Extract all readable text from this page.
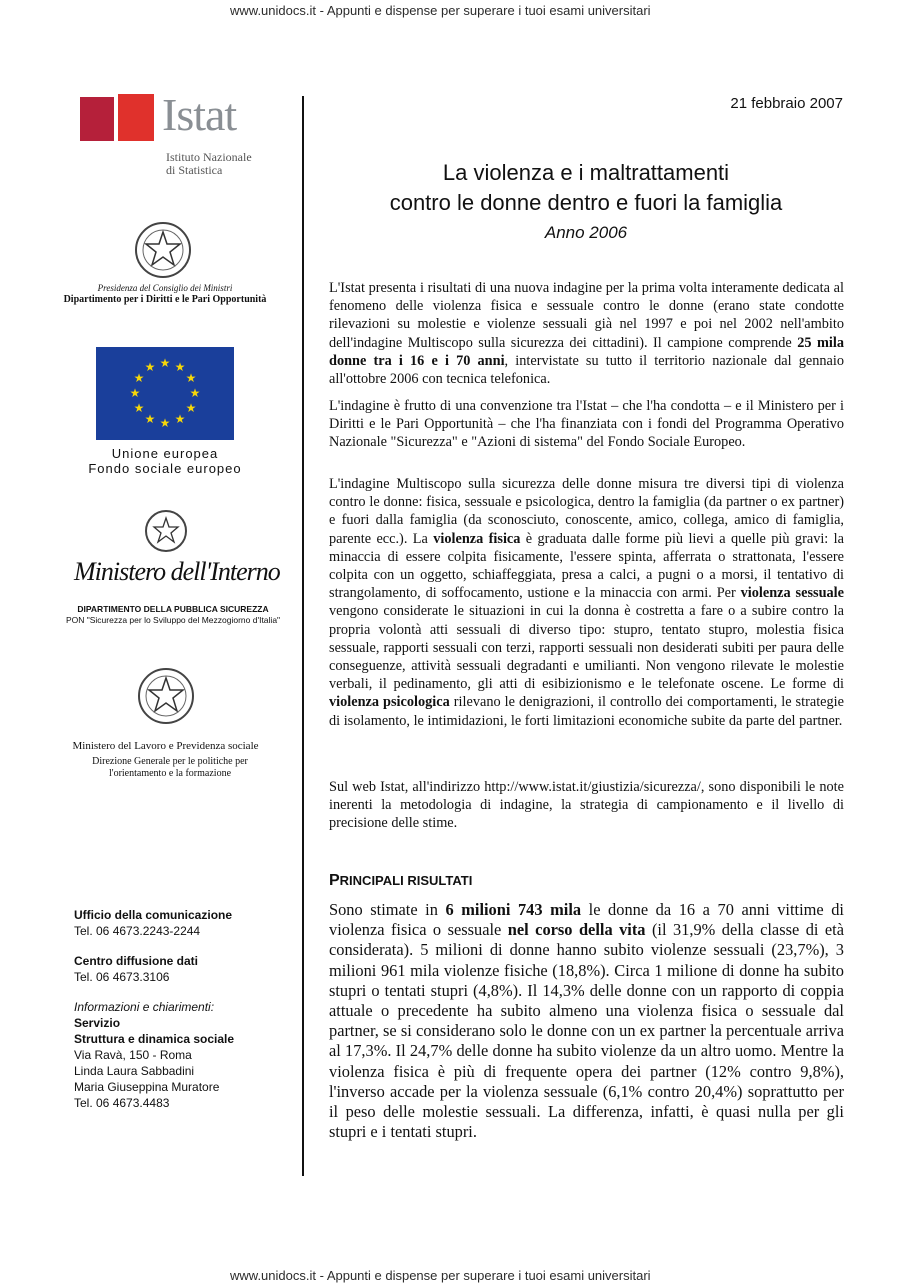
www.unidocs.it - Appunti e dispense per superare i tuoi esami universitari
www.unidocs.it - Appunti e dispense per superare i tuoi esami universitari
Istat
Istituto Nazionale
di Statistica
Presidenza del Consiglio dei Ministri
Dipartimento per i Diritti e le Pari Opportunità
★ ★
★
★
★
★
★
★
★
★
★
★
Unione europea
Fondo sociale europeo
Ministero dell'Interno
DIPARTIMENTO DELLA PUBBLICA SICUREZZA
PON "Sicurezza per lo Sviluppo del Mezzogiorno d'Italia"
Ministero del Lavoro e Previdenza sociale
Direzione Generale per le politiche per
l'orientamento e la formazione
Ufficio della comunicazione
Tel. 06 4673.2243-2244
Centro diffusione dati
Tel. 06 4673.3106
Informazioni e chiarimenti:
Servizio
Struttura e dinamica sociale
Via Ravà, 150 - Roma
Linda Laura Sabbadini
Maria Giuseppina Muratore
Tel. 06 4673.4483
21 febbraio 2007
La violenza e i maltrattamenti
contro le donne dentro e fuori la famiglia
Anno 2006

L'Istat presenta i risultati di una nuova indagine per la prima volta interamente dedicata al fenomeno delle violenza fisica e sessuale contro le donne (erano state condotte rilevazioni su molestie e violenze sessuali già nel 1997 e poi nel 2002 nell'ambito dell'indagine Multiscopo sulla sicurezza dei cittadini). Il campione comprende 25 mila donne tra i 16 e i 70 anni, intervistate su tutto il territorio nazionale dal gennaio all'ottobre 2006 con tecnica telefonica.

L'indagine è frutto di una convenzione tra l'Istat – che l'ha condotta – e il Ministero per i Diritti e le Pari Opportunità – che l'ha finanziata con i fondi del Programma Operativo Nazionale "Sicurezza" e "Azioni di sistema" del Fondo Sociale Europeo.

L'indagine Multiscopo sulla sicurezza delle donne misura tre diversi tipi di violenza contro le donne: fisica, sessuale e psicologica, dentro la famiglia (da partner o ex partner) e fuori dalla famiglia (da sconosciuto, conoscente, amico, collega, amico di famiglia, parente ecc.). La violenza fisica è graduata dalle forme più lievi a quelle più gravi: la minaccia di essere colpita fisicamente, l'essere spinta, afferrata o strattonata, l'essere colpita con un oggetto, schiaffeggiata, presa a calci, a pugni o a morsi, il tentativo di strangolamento, di soffocamento, ustione e la minaccia con armi. Per violenza sessuale vengono considerate le situazioni in cui la donna è costretta a fare o a subire contro la propria volontà atti sessuali di diverso tipo: stupro, tentato stupro, molestia fisica sessuale, rapporti sessuali con terzi, rapporti sessuali non desiderati subiti per paura delle conseguenze, attività sessuali degradanti e umilianti. Non vengono rilevate le molestie verbali, il pedinamento, gli atti di esibizionismo e le telefonate oscene. Le forme di violenza psicologica rilevano le denigrazioni, il controllo dei comportamenti, le strategie di isolamento, le intimidazioni, le forti limitazioni economiche subite da parte del partner.

Sul web Istat, all'indirizzo http://www.istat.it/giustizia/sicurezza/, sono disponibili le note inerenti la metodologia di indagine, la strategia di campionamento e il livello di precisione delle stime.

PRINCIPALI RISULTATI
Sono stimate in 6 milioni 743 mila le donne da 16 a 70 anni vittime di violenza fisica o sessuale nel corso della vita (il 31,9% della classe di età considerata). 5 milioni di donne hanno subito violenze sessuali (23,7%), 3 milioni 961 mila violenze fisiche (18,8%). Circa 1 milione di donne ha subito stupri o tentati stupri (4,8%). Il 14,3% delle donne con un rapporto di coppia attuale o precedente ha subito almeno una violenza fisica o sessuale dal partner, se si considerano solo le donne con un ex partner la percentuale arriva al 17,3%. Il 24,7% delle donne ha subito violenze da un altro uomo. Mentre la violenza fisica è più di frequente opera dei partner (12% contro 9,8%), l'inverso accade per la violenza sessuale (6,1% contro 20,4%) soprattutto per il peso delle molestie sessuali. La differenza, infatti, è quasi nulla per gli stupri e i tentati stupri.
